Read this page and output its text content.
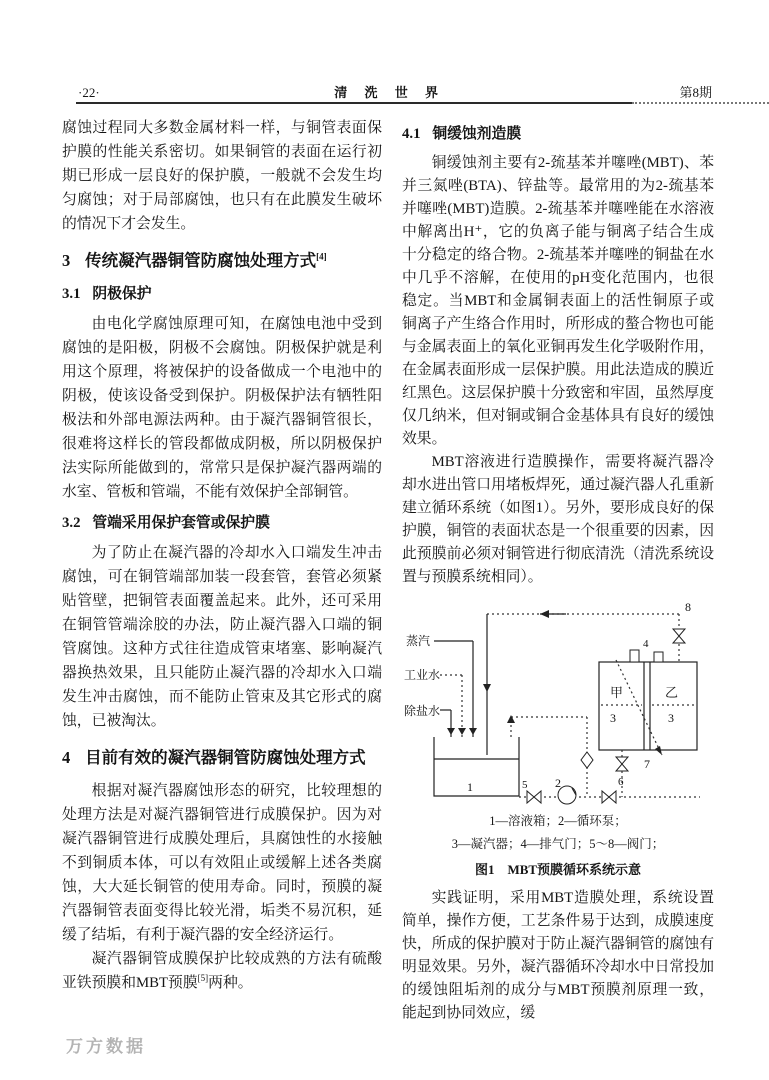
·22·	清 洗 世 界	第8期

腐蚀过程同大多数金属材料一样，与铜管表面保护膜的性能关系密切。如果铜管的表面在运行初期已形成一层良好的保护膜，一般就不会发生均匀腐蚀；对于局部腐蚀，也只有在此膜发生破坏的情况下才会发生。

3 传统凝汽器铜管防腐蚀处理方式[4]
3.1 阴极保护

由电化学腐蚀原理可知，在腐蚀电池中受到腐蚀的是阳极，阴极不会腐蚀。阴极保护就是利用这个原理，将被保护的设备做成一个电池中的阴极，使该设备受到保护。阴极保护法有牺牲阳极法和外部电源法两种。由于凝汽器铜管很长，很难将这样长的管段都做成阴极，所以阴极保护法实际所能做到的，常常只是保护凝汽器两端的水室、管板和管端，不能有效保护全部铜管。

3.2 管端采用保护套管或保护膜

为了防止在凝汽器的冷却水入口端发生冲击腐蚀，可在铜管端部加装一段套管，套管必须紧贴管壁，把铜管表面覆盖起来。此外，还可采用在铜管管端涂胶的办法，防止凝汽器入口端的铜管腐蚀。这种方式往往造成管束堵塞、影响凝汽器换热效果，且只能防止凝汽器的冷却水入口端发生冲击腐蚀，而不能防止管束及其它形式的腐蚀，已被淘汰。

4 目前有效的凝汽器铜管防腐蚀处理方式

根据对凝汽器腐蚀形态的研究，比较理想的处理方法是对凝汽器铜管进行成膜保护。因为对凝汽器铜管进行成膜处理后，具腐蚀性的水接触不到铜质本体，可以有效阻止或缓解上述各类腐蚀，大大延长铜管的使用寿命。同时，预膜的凝汽器铜管表面变得比较光滑，垢类不易沉积，延缓了结垢，有利于凝汽器的安全经济运行。

凝汽器铜管成膜保护比较成熟的方法有硫酸亚铁预膜和MBT预膜[5]两种。

4.1 铜缓蚀剂造膜

铜缓蚀剂主要有2-巯基苯并噻唑(MBT)、苯并三氮唑(BTA)、锌盐等。最常用的为2-巯基苯并噻唑(MBT)造膜。2-巯基苯并噻唑能在水溶液中解离出H⁺，它的负离子能与铜离子结合生成十分稳定的络合物。2-巯基苯并噻唑的铜盐在水中几乎不溶解，在使用的pH变化范围内，也很稳定。当MBT和金属铜表面上的活性铜原子或铜离子产生络合作用时，所形成的螯合物也可能与金属表面上的氧化亚铜再发生化学吸附作用，在金属表面形成一层保护膜。用此法造成的膜近红黑色。这层保护膜十分致密和牢固，虽然厚度仅几纳米，但对铜或铜合金基体具有良好的缓蚀效果。

MBT溶液进行造膜操作，需要将凝汽器冷却水进出管口用堵板焊死，通过凝汽器人孔重新建立循环系统（如图1）。另外，要形成良好的保护膜，铜管的表面状态是一个很重要的因素，因此预膜前必须对铜管进行彻底清洗（清洗系统设置与预膜系统相同）。

8
4
甲	乙
3	3
7
6
蒸汽
工业水
除盐水
1	5 2

1—溶液箱；2—循环泵；

3—凝汽器；4—排气门；5～8—阀门；

图1　MBT预膜循环系统示意

实践证明，采用MBT造膜处理，系统设置简单，操作方便，工艺条件易于达到，成膜速度快，所成的保护膜对于防止凝汽器铜管的腐蚀有明显效果。另外，凝汽器循环冷却水中日常投加的缓蚀阻垢剂的成分与MBT预膜剂原理一致，能起到协同效应，缓

万方数据
